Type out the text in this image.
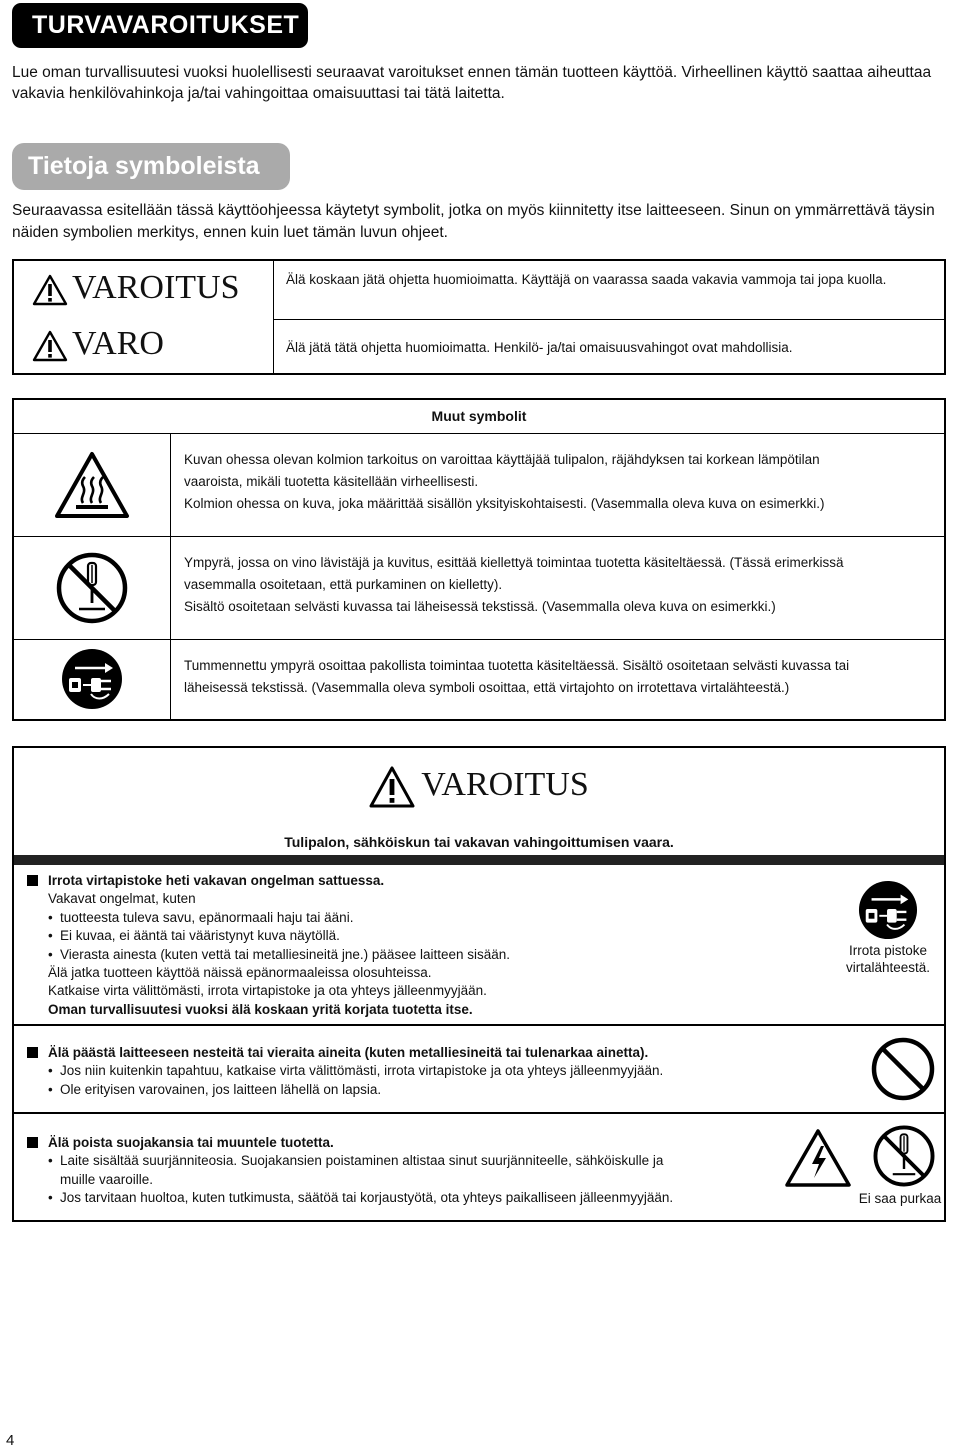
TURVAVAROITUKSET
Lue oman turvallisuutesi vuoksi huolellisesti seuraavat varoitukset ennen tämän tuotteen käyttöä. Virheellinen käyttö saattaa aiheuttaa vakavia henkilövahinkoja ja/tai vahingoittaa omaisuuttasi tai tätä laitetta.
Tietoja symboleista
Seuraavassa esitellään tässä käyttöohjeessa käytetyt symbolit, jotka on myös kiinnitetty itse laitteeseen. Sinun on ymmärrettävä täysin näiden symbolien merkitys, ennen kuin luet tämän luvun ohjeet.
VAROITUS
VARO
Älä koskaan jätä ohjetta huomioimatta. Käyttäjä on vaarassa saada vakavia vammoja tai jopa kuolla.
Älä jätä tätä ohjetta huomioimatta. Henkilö- ja/tai omaisuusvahingot ovat mahdollisia.
Muut symbolit
Kuvan ohessa olevan kolmion tarkoitus on varoittaa käyttäjää tulipalon, räjähdyksen tai korkean lämpötilan
vaaroista, mikäli tuotetta käsitellään virheellisesti.
Kolmion ohessa on kuva, joka määrittää sisällön yksityiskohtaisesti. (Vasemmalla oleva kuva on esimerkki.)
Ympyrä, jossa on vino lävistäjä ja kuvitus, esittää kiellettyä toimintaa tuotetta käsiteltäessä. (Tässä erimerkissä
vasemmalla osoitetaan, että purkaminen on kielletty).
Sisältö osoitetaan selvästi kuvassa tai läheisessä tekstissä. (Vasemmalla oleva kuva on esimerkki.)
Tummennettu ympyrä osoittaa pakollista toimintaa tuotetta käsiteltäessä. Sisältö osoitetaan selvästi kuvassa tai
läheisessä tekstissä. (Vasemmalla oleva symboli osoittaa, että virtajohto on irrotettava virtalähteestä.)
VAROITUS
Tulipalon, sähköiskun tai vakavan vahingoittumisen vaara.
Irrota virtapistoke heti vakavan ongelman sattuessa.
Vakavat ongelmat, kuten
• tuotteesta tuleva savu, epänormaali haju tai ääni.
• Ei kuvaa, ei ääntä tai vääristynyt kuva näytöllä.
• Vierasta ainesta (kuten vettä tai metalliesineitä jne.) pääsee laitteen sisään.
Älä jatka tuotteen käyttöä näissä epänormaaleissa olosuhteissa.
Katkaise virta välittömästi, irrota virtapistoke ja ota yhteys jälleenmyyjään.
Oman turvallisuutesi vuoksi älä koskaan yritä korjata tuotetta itse.
Irrota pistoke
virtalähteestä.
Älä päästä laitteeseen nesteitä tai vieraita aineita (kuten metalliesineitä tai tulenarkaa ainetta).
• Jos niin kuitenkin tapahtuu, katkaise virta välittömästi, irrota virtapistoke ja ota yhteys jälleenmyyjään.
• Ole erityisen varovainen, jos laitteen lähellä on lapsia.
Älä poista suojakansia tai muuntele tuotetta.
• Laite sisältää suurjänniteosia. Suojakansien poistaminen altistaa sinut suurjänniteelle, sähköiskulle ja
muille vaaroille.
• Jos tarvitaan huoltoa, kuten tutkimusta, säätöä tai korjaustyötä, ota yhteys paikalliseen jälleenmyyjään.	Ei saa purkaa
4
